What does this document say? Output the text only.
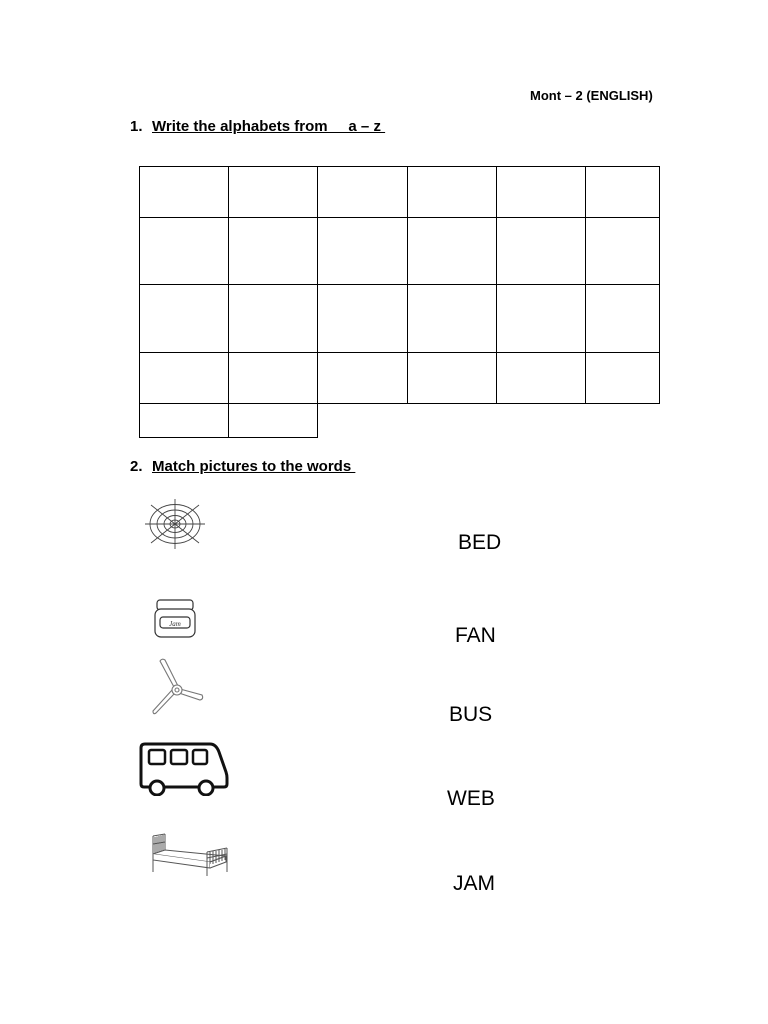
Mont – 2 (ENGLISH)
1. Write the alphabets from     a – z
2. Match pictures to the words
Jam
BED
FAN
BUS
WEB
JAM
